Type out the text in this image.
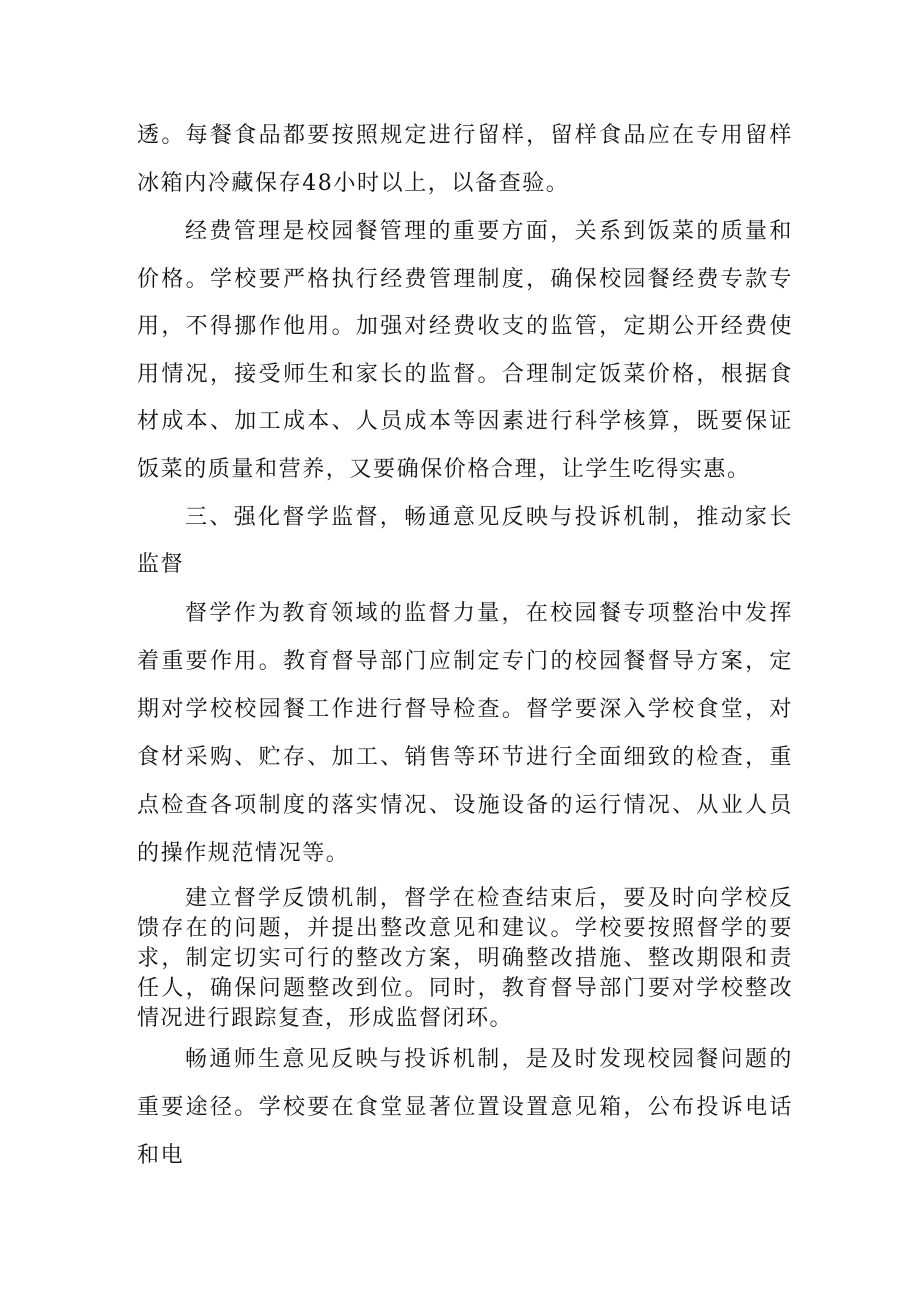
透。每餐食品都要按照规定进行留样，留样食品应在专用留样冰箱内冷藏保存48小时以上，以备查验。

经费管理是校园餐管理的重要方面，关系到饭菜的质量和价格。学校要严格执行经费管理制度，确保校园餐经费专款专用，不得挪作他用。加强对经费收支的监管，定期公开经费使用情况，接受师生和家长的监督。合理制定饭菜价格，根据食材成本、加工成本、人员成本等因素进行科学核算，既要保证饭菜的质量和营养，又要确保价格合理，让学生吃得实惠。

三、强化督学监督，畅通意见反映与投诉机制，推动家长监督

督学作为教育领域的监督力量，在校园餐专项整治中发挥着重要作用。教育督导部门应制定专门的校园餐督导方案，定期对学校校园餐工作进行督导检查。督学要深入学校食堂，对食材采购、贮存、加工、销售等环节进行全面细致的检查，重点检查各项制度的落实情况、设施设备的运行情况、从业人员的操作规范情况等。

建立督学反馈机制，督学在检查结束后，要及时向学校反馈存在的问题，并提出整改意见和建议。学校要按照督学的要求，制定切实可行的整改方案，明确整改措施、整改期限和责任人，确保问题整改到位。同时，教育督导部门要对学校整改情况进行跟踪复查，形成监督闭环。

畅通师生意见反映与投诉机制，是及时发现校园餐问题的重要途径。学校要在食堂显著位置设置意见箱，公布投诉电话和电
